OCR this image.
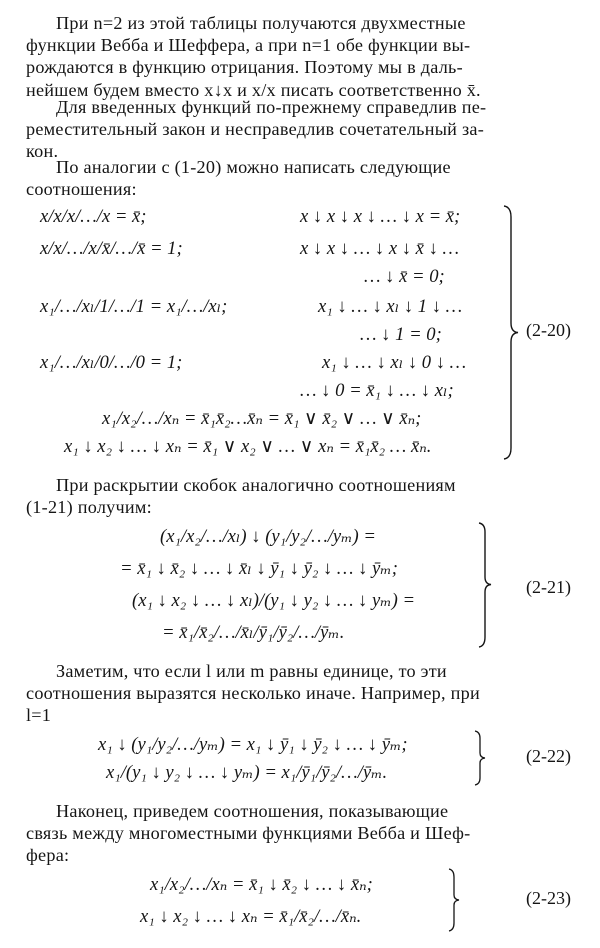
При n=2 из этой таблицы получаются двухместные
функции Вебба и Шеффера, а при n=1 обе функции вы-
рождаются в функцию отрицания. Поэтому мы в даль-
нейшем будем вместо x↓x и x/x писать соответственно x̄.
Для введенных функций по-прежнему справедлив пе-
реместительный закон и несправедлив сочетательный за-
кон.
По аналогии с (1-20) можно написать следующие
соотношения:
x/x/x/…/x = x̄;	x ↓ x ↓ x ↓ … ↓ x = x̄;
x/x/…/x/x̄/…/x̄ = 1;	x ↓ x ↓ … ↓ x ↓ x̄ ↓ …
… ↓ x̄ = 0;
x₁/…/xₗ/1/…/1 = x₁/…/xₗ;	x₁ ↓ … ↓ xₗ ↓ 1 ↓ …
… ↓ 1 = 0;
x₁/…/xₗ/0/…/0 = 1;	x₁ ↓ … ↓ xₗ ↓ 0 ↓ …
… ↓ 0 = x̄₁ ↓ … ↓ xₗ;
x₁/x₂/…/xₙ = x̄₁x̄₂…x̄ₙ = x̄₁ ∨ x̄₂ ∨ … ∨ x̄ₙ;
x₁ ↓ x₂ ↓ … ↓ xₙ = x̄₁ ∨ x₂ ∨ … ∨ xₙ = x̄₁x̄₂ … x̄ₙ.
(2-20)
При раскрытии скобок аналогично соотношениям
(1-21) получим:
(x₁/x₂/…/xₗ) ↓ (y₁/y₂/…/yₘ) =
= x̄₁ ↓ x̄₂ ↓ … ↓ x̄ₗ ↓ ȳ₁ ↓ ȳ₂ ↓ … ↓ ȳₘ;
(x₁ ↓ x₂ ↓ … ↓ xₗ)/(y₁ ↓ y₂ ↓ … ↓ yₘ) =
= x̄₁/x̄₂/…/x̄ₗ/ȳ₁/ȳ₂/…/ȳₘ.
(2-21)
Заметим, что если l или m равны единице, то эти
соотношения выразятся несколько иначе. Например, при
l=1
x₁ ↓ (y₁/y₂/…/yₘ) = x₁ ↓ ȳ₁ ↓ ȳ₂ ↓ … ↓ ȳₘ;
x₁/(y₁ ↓ y₂ ↓ … ↓ yₘ) = x₁/ȳ₁/ȳ₂/…/ȳₘ.
(2-22)
Наконец, приведем соотношения, показывающие
связь между многоместными функциями Вебба и Шеф-
фера:
x₁/x₂/…/xₙ = x̄₁ ↓ x̄₂ ↓ … ↓ x̄ₙ;
x₁ ↓ x₂ ↓ … ↓ xₙ = x̄₁/x̄₂/…/x̄ₙ.
(2-23)
